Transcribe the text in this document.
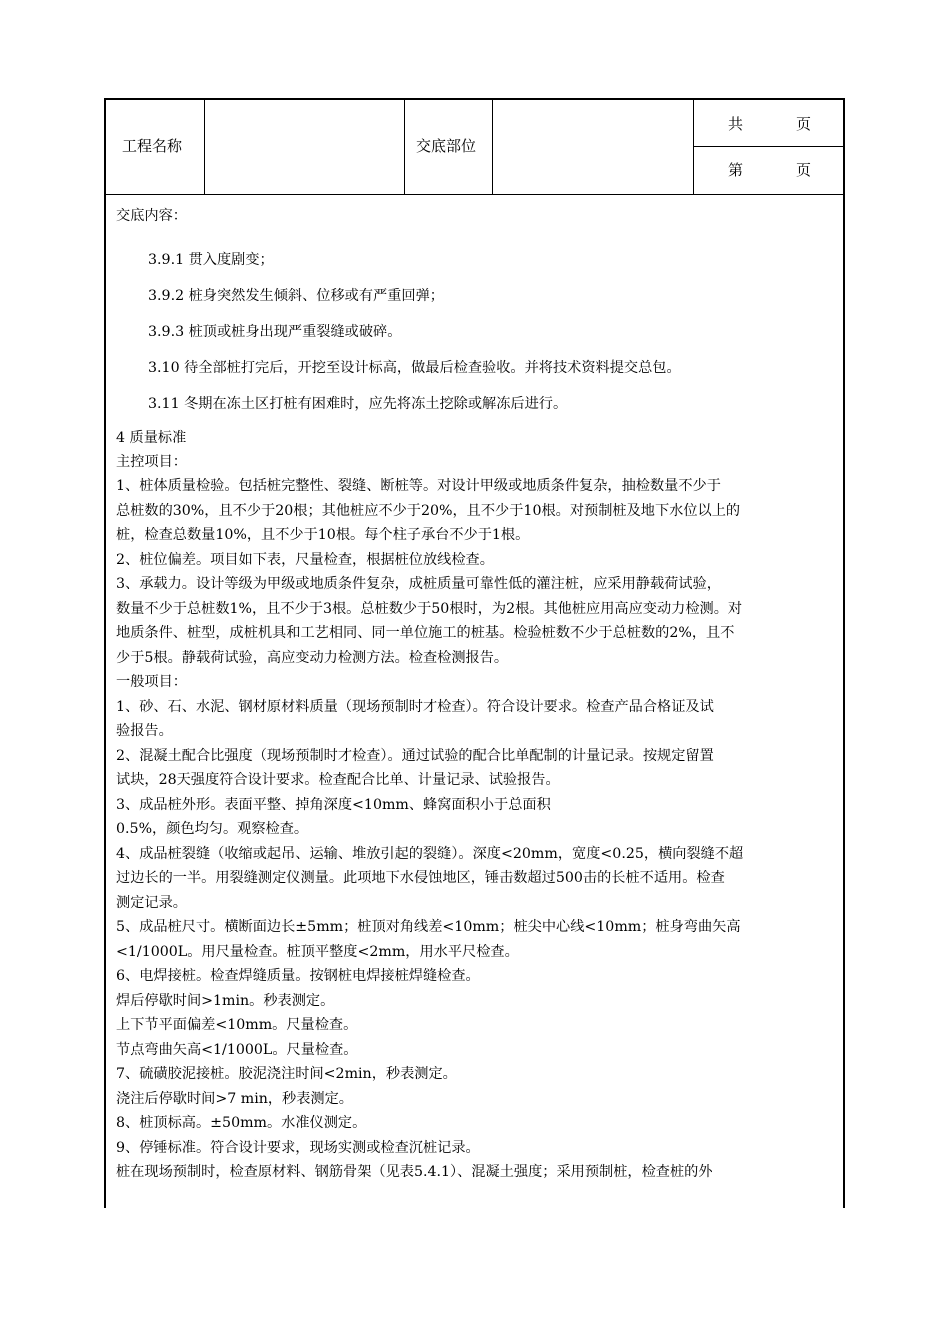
工程名称	交底部位
共	页
第	页
交底内容：
3.9.1 贯入度剧变；
3.9.2 桩身突然发生倾斜、位移或有严重回弹；
3.9.3 桩顶或桩身出现严重裂缝或破碎。
3.10 待全部桩打完后，开挖至设计标高，做最后检查验收。并将技术资料提交总包。
3.11 冬期在冻土区打桩有困难时，应先将冻土挖除或解冻后进行。
4 质量标准
主控项目：
1、桩体质量检验。包括桩完整性、裂缝、断桩等。对设计甲级或地质条件复杂，抽检数量不少于
总桩数的30%，且不少于20根；其他桩应不少于20%，且不少于10根。对预制桩及地下水位以上的
桩，检查总数量10%，且不少于10根。每个柱子承台不少于1根。
2、桩位偏差。项目如下表，尺量检查，根据桩位放线检查。
3、承载力。设计等级为甲级或地质条件复杂，成桩质量可靠性低的灌注桩，应采用静载荷试验，
数量不少于总桩数1%，且不少于3根。总桩数少于50根时，为2根。其他桩应用高应变动力检测。对
地质条件、桩型，成桩机具和工艺相同、同一单位施工的桩基。检验桩数不少于总桩数的2%，且不
少于5根。静载荷试验，高应变动力检测方法。检查检测报告。
一般项目：
1、砂、石、水泥、钢材原材料质量（现场预制时才检查）。符合设计要求。检查产品合格证及试
验报告。
2、混凝土配合比强度（现场预制时才检查）。通过试验的配合比单配制的计量记录。按规定留置
试块，28天强度符合设计要求。检查配合比单、计量记录、试验报告。
3、成品桩外形。表面平整、掉角深度<10mm、蜂窝面积小于总面积
0.5%，颜色均匀。观察检查。
4、成品桩裂缝（收缩或起吊、运输、堆放引起的裂缝）。深度<20mm，宽度<0.25，横向裂缝不超
过边长的一半。用裂缝测定仪测量。此项地下水侵蚀地区，锤击数超过500击的长桩不适用。检查
测定记录。
5、成品桩尺寸。横断面边长±5mm；桩顶对角线差<10mm；桩尖中心线<10mm；桩身弯曲矢高
<1/1000L。用尺量检查。桩顶平整度<2mm，用水平尺检查。
6、电焊接桩。检查焊缝质量。按钢桩电焊接桩焊缝检查。
焊后停歇时间>1min。秒表测定。
上下节平面偏差<10mm。尺量检查。
节点弯曲矢高<1/1000L。尺量检查。
7、硫磺胶泥接桩。胶泥浇注时间<2min，秒表测定。
浇注后停歇时间>7 min，秒表测定。
8、桩顶标高。±50mm。水准仪测定。
9、停锤标准。符合设计要求，现场实测或检查沉桩记录。
桩在现场预制时，检查原材料、钢筋骨架（见表5.4.1）、混凝土强度；采用预制桩，检查桩的外
